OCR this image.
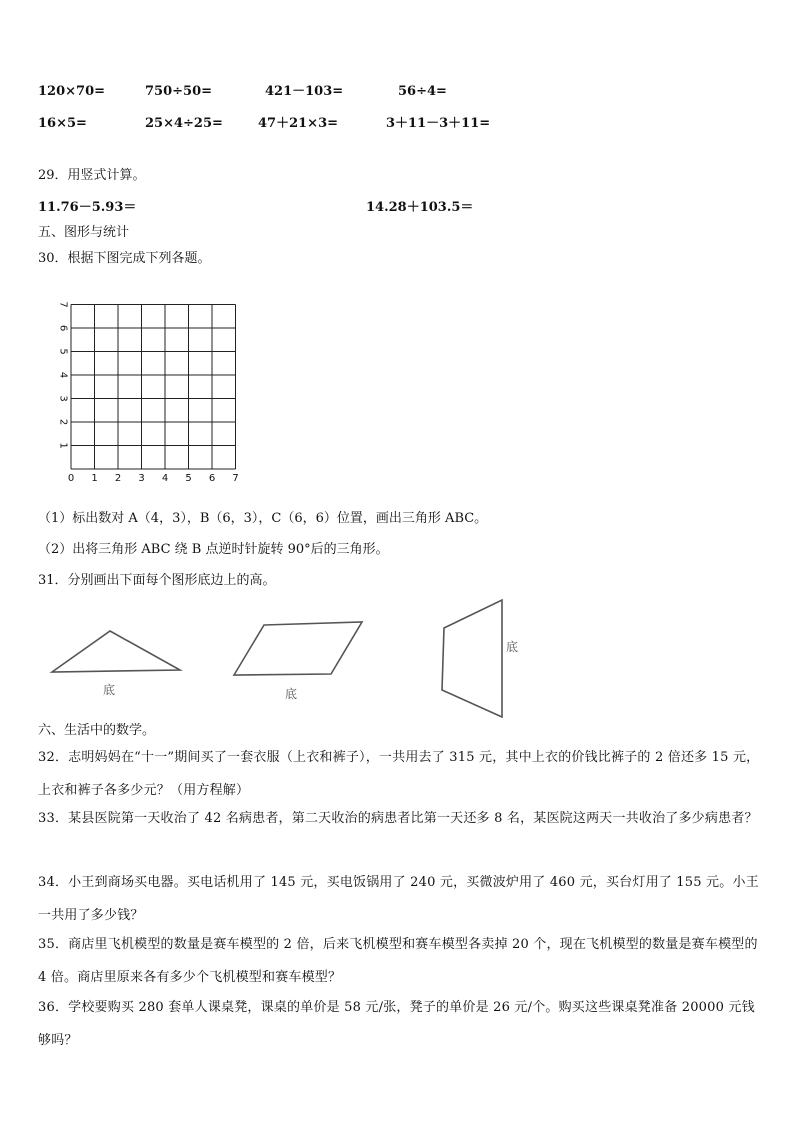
120×70=	750÷50=	421－103=	56÷4=
16×5=	25×4÷25=	47＋21×3=	3＋11－3＋11=
29．用竖式计算。
11.76－5.93＝	14.28＋103.5＝
五、图形与统计
30．根据下图完成下列各题。
0 1 2 3 4 5 6 7
1
2
3
4
5
6
7
（1）标出数对 A（4，3），B（6，3），C（6，6）位置，画出三角形 ABC。
（2）出将三角形 ABC 绕 B 点逆时针旋转 90°后的三角形。
31．分别画出下面每个图形底边上的高。
底	底
底
六、生活中的数学。
32．志明妈妈在“十一”期间买了一套衣服（上衣和裤子），一共用去了 315 元，其中上衣的价钱比裤子的 2 倍还多 15 元，上衣和裤子各多少元？（用方程解）
33．某县医院第一天收治了 42 名病患者，第二天收治的病患者比第一天还多 8 名，某医院这两天一共收治了多少病患者？
34．小王到商场买电器。买电话机用了 145 元，买电饭锅用了 240 元，买微波炉用了 460 元，买台灯用了 155 元。小王一共用了多少钱？
35．商店里飞机模型的数量是赛车模型的 2 倍，后来飞机模型和赛车模型各卖掉 20 个，现在飞机模型的数量是赛车模型的 4 倍。商店里原来各有多少个飞机模型和赛车模型？
36．学校要购买 280 套单人课桌凳，课桌的单价是 58 元/张，凳子的单价是 26 元/个。购买这些课桌凳准备 20000 元钱够吗？
